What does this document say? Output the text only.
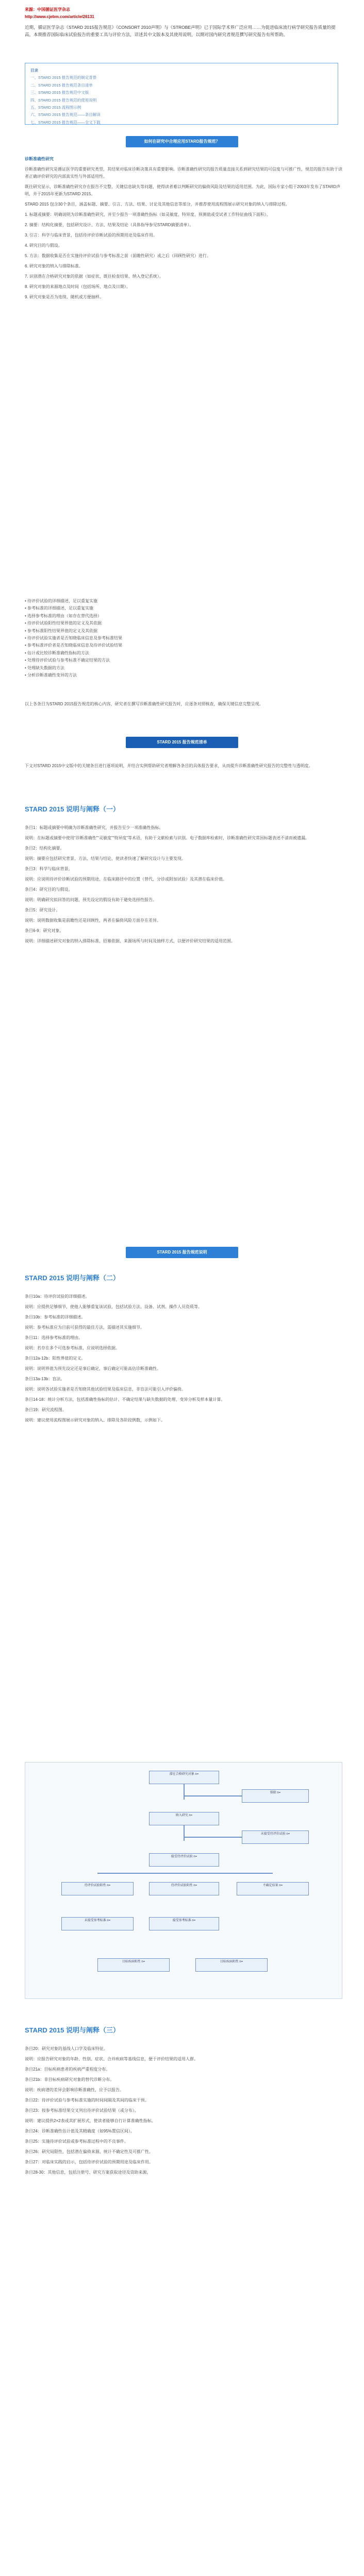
来源：中国循证医学杂志
http://www.cjebm.com/article/26131
近期，循证医学杂志《STARD 2015报告规范》《CONSORT 2010声明》与《STROBE声明》已于国际学术界广泛应用……为促进临床流行病学研究报告质量的提高，本期推荐国际临床试验报告的重要工具与评价方法，详述其中文版本及其使用说明，以期对国内研究者规范撰写研究报告有所帮助。
目录
一、STARD 2015 报告规范的制定背景
二、STARD 2015 报告规范条目清单
三、STARD 2015 报告规范中文版
四、STARD 2015 报告规范的使用说明
五、STARD 2015 流程图示例
六、STARD 2015 报告规范——条目解读
七、STARD 2015 报告规范——全文下载
如何在研究中合理应用STARD报告规范？
诊断准确性研究

诊断准确性研究是循证医学的重要研究类型，其结果对临床诊断决策具有重要影响。诊断准确性研究的报告质量直接关系到研究结果的可信度与可推广性，规范的报告有助于读者正确评价研究的内部真实性与外部适用性。

既往研究显示，诊断准确性研究存在报告不完整、关键信息缺失等问题，使得读者难以判断研究的偏倚风险及结果的适用范围。为此，国际专家小组于2003年发布了STARD声明，并于2015年更新为STARD 2015。

STARD 2015 包含30个条目，涵盖标题、摘要、引言、方法、结果、讨论及其他信息等部分，并推荐使用流程图展示研究对象的纳入与排除过程。

1. 标题或摘要：明确说明为诊断准确性研究，并至少报告一项准确性指标（如灵敏度、特异度、预测值或受试者工作特征曲线下面积）。

2. 摘要：结构化摘要，包括研究设计、方法、结果及结论（具体指导参见STARD摘要清单）。

3. 引言：科学与临床背景，包括待评价诊断试验的预期用途及临床作用。

4. 研究目的与假设。

5. 方法：数据收集是否在实施待评价试验与参考标准之前（前瞻性研究）或之后（回顾性研究）进行。

6. 研究对象的纳入与排除标准。

7. 识别潜在合格研究对象的依据（如症状、既往检查结果、纳入登记系统）。

8. 研究对象的来源地点及时间（包括场所、地点及日期）。

9. 研究对象是否为连续、随机或方便抽样。

• 待评价试验的详细描述，足以重复实施
• 参考标准的详细描述，足以重复实施
• 选择参考标准的理由（如存在替代选择）
• 待评价试验阳性结果界值的定义及其依据
• 参考标准阳性结果界值的定义及其依据
• 待评价试验实施者是否知晓临床信息及参考标准结果
• 参考标准评价者是否知晓临床信息及待评价试验结果
• 估计或比较诊断准确性指标的方法
• 处理待评价试验与参考标准不确定结果的方法
• 处理缺失数据的方法
• 分析诊断准确性变异的方法
以上各条目为STARD 2015报告规范的核心内容，研究者在撰写诊断准确性研究报告时，应逐条对照核查，确保关键信息完整呈现。
STARD 2015 报告规范清单
下文对STARD 2015中文版中的关键条目进行逐项说明，并结合实例帮助研究者理解各条目的具体报告要求，从而提升诊断准确性研究报告的完整性与透明度。
STARD 2015 说明与阐释（一）

条目1：标题或摘要中明确为诊断准确性研究，并报告至少一项准确性指标。

说明：在标题或摘要中使用“诊断准确性”“灵敏度”“特异度”等术语，有助于文献检索与识别。电子数据库检索时，诊断准确性研究常因标题表述不清而被遗漏。

条目2：结构化摘要。

说明：摘要应包括研究背景、方法、结果与结论，使读者快速了解研究设计与主要发现。

条目3：科学与临床背景。

说明：应说明待评价诊断试验的预期用途、在临床路径中的位置（替代、分诊或附加试验）及其潜在临床价值。

条目4：研究目的与假设。

说明：明确研究拟回答的问题，预先设定的假设有助于避免选择性报告。

条目5：研究设计。

说明：说明数据收集是前瞻性还是回顾性，两者在偏倚风险方面存在差异。

条目6-9：研究对象。

说明：详细描述研究对象的纳入排除标准、招募依据、来源场所与时间及抽样方式，以便评价研究结果的适用范围。

STARD 2015 报告规范说明
STARD 2015 说明与阐释（二）

条目10a：待评价试验的详细描述。

说明：应提供足够细节，使他人能够重复该试验，包括试验方法、设备、试剂、操作人员资质等。

条目10b：参考标准的详细描述。

说明：参考标准应为目前可获得的最佳方法，需描述其实施细节。

条目11：选择参考标准的理由。

说明：若存在多个可选参考标准，应说明选择依据。

条目12a-12b：阳性界值的定义。

说明：说明界值为预先设定还是事后确定，事后确定可能高估诊断准确性。

条目13a-13b：盲法。

说明：说明各试验实施者是否知晓其他试验结果及临床信息，非盲法可能引入评价偏倚。

条目14-18：统计分析方法，包括准确性指标的估计、不确定结果与缺失数据的处理、变异分析及样本量计算。

条目19：研究流程图。

说明：建议使用流程图展示研究对象的纳入、排除及各阶段例数，示例如下。

潜在合格研究对象 n=
排除 n=
纳入研究 n=
未接受待评价试验 n=
接受待评价试验 n=
待评价试验阳性 n=	待评价试验阴性 n=	不确定结果 n=
未接受参考标准 n=	接受参考标准 n=
目标疾病阳性 n=	目标疾病阴性 n=
STARD 2015 说明与阐释（三）

条目20：研究对象的基线人口学及临床特征。

说明：应报告研究对象的年龄、性别、症状、合并疾病等基线信息，便于评价结果的适用人群。

条目21a：目标疾病患者的疾病严重程度分布。

条目21b：非目标疾病研究对象的替代诊断分布。

说明：疾病谱的差异会影响诊断准确性，应予以报告。

条目22：待评价试验与参考标准实施的时间间隔及其间的临床干预。

条目23：按参考标准结果交叉列出待评价试验结果（或分布）。

说明：建议提供2×2表或其扩展形式，使读者能够自行计算准确性指标。

条目24：诊断准确性估计值及其精确度（如95%置信区间）。

条目25：实施待评价试验或参考标准过程中的不良事件。

条目26：研究局限性，包括潜在偏倚来源、统计不确定性及可推广性。

条目27：对临床实践的启示，包括待评价试验的预期用途及临床作用。

条目28-30：其他信息，包括注册号、研究方案获取途径及资助来源。
